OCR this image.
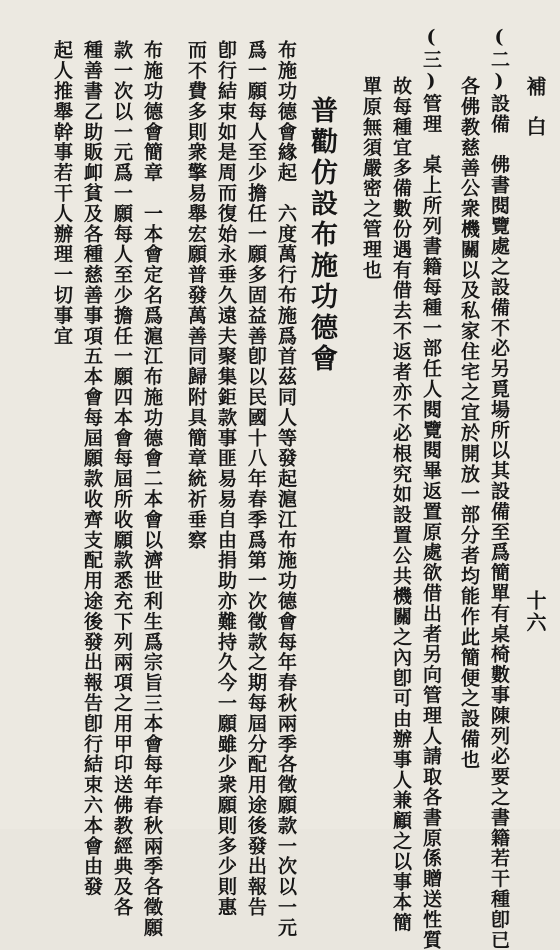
補白
十六
(二)設備　佛書閱覽處之設備不必另覓場所以其設備至爲簡單有桌椅數事陳列必要之書籍若干種卽已
各佛教慈善公衆機關以及私家住宅之宜於開放一部分者均能作此簡便之設備也
(三)管理　桌上所列書籍每種一部任人閱覽閱畢返置原處欲借出者另向管理人請取各書原係贈送性質
故每種宜多備數份遇有借去不返者亦不必根究如設置公共機關之內卽可由辦事人兼顧之以事本簡
單原無須嚴密之管理也
普勸仿設布施功德會
布施功德會緣起　六度萬行布施爲首茲同人等發起滬江布施功德會每年春秋兩季各徵願款一次以一元
爲一願每人至少擔任一願多固益善卽以民國十八年春季爲第一次徵款之期每屆分配用途後發出報告
卽行結束如是周而復始永垂久遠夫聚集鉅款事匪易易自由捐助亦難持久今一願雖少衆願則多少則惠
而不費多則衆擎易舉宏願普發萬善同歸附具簡章統祈垂察
布施功德會簡章　一本會定名爲滬江布施功德會二本會以濟世利生爲宗旨三本會每年春秋兩季各徵願
款一次以一元爲一願每人至少擔任一願四本會每屆所收願款悉充下列兩項之用甲印送佛教經典及各
種善書乙助販卹貧及各種慈善事項五本會每屆願款收齊支配用途後發出報告卽行結束六本會由發
起人推舉幹事若干人辦理一切事宜
